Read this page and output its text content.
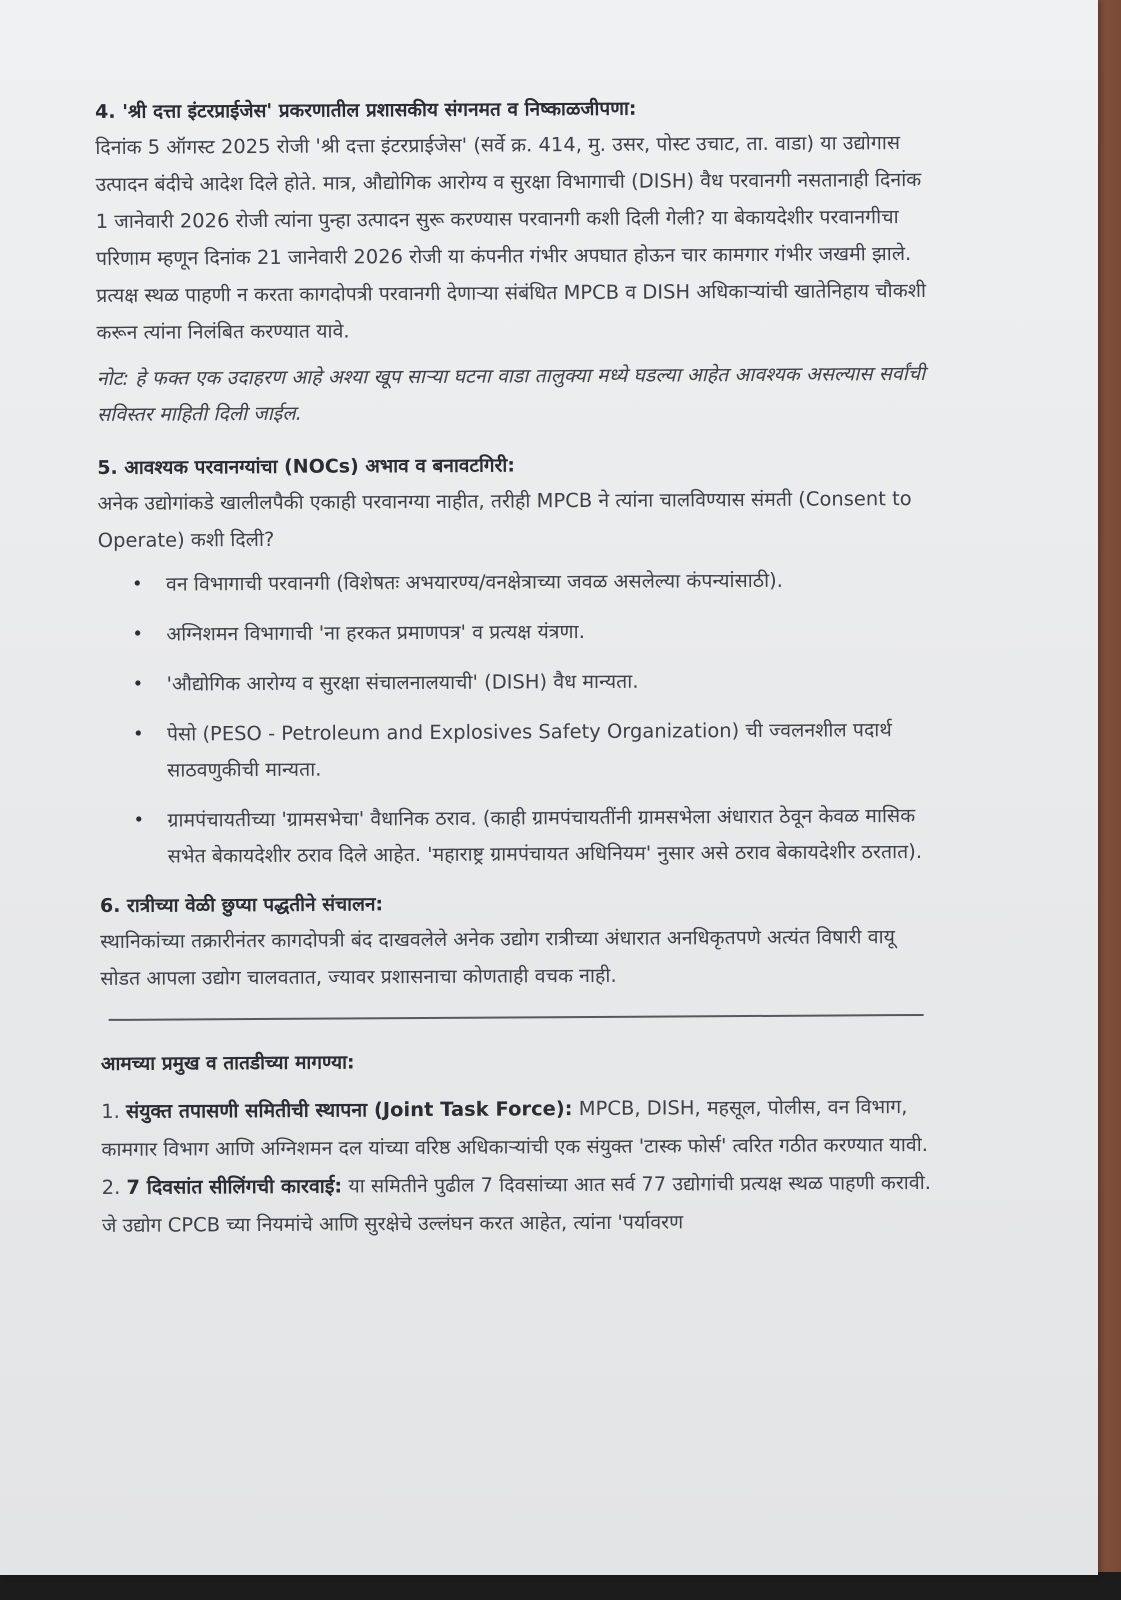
4. 'श्री दत्ता इंटरप्राईजेस' प्रकरणातील प्रशासकीय संगनमत व निष्काळजीपणा:

दिनांक 5 ऑगस्ट 2025 रोजी 'श्री दत्ता इंटरप्राईजेस' (सर्वे क्र. 414, मु. उसर, पोस्ट उचाट, ता. वाडा) या उद्योगास उत्पादन बंदीचे आदेश दिले होते. मात्र, औद्योगिक आरोग्य व सुरक्षा विभागाची (DISH) वैध परवानगी नसतानाही दिनांक 1 जानेवारी 2026 रोजी त्यांना पुन्हा उत्पादन सुरू करण्यास परवानगी कशी दिली गेली? या बेकायदेशीर परवानगीचा परिणाम म्हणून दिनांक 21 जानेवारी 2026 रोजी या कंपनीत गंभीर अपघात होऊन चार कामगार गंभीर जखमी झाले. प्रत्यक्ष स्थळ पाहणी न करता कागदोपत्री परवानगी देणाऱ्या संबंधित MPCB व DISH अधिकाऱ्यांची खातेनिहाय चौकशी करून त्यांना निलंबित करण्यात यावे.

नोट: हे फक्त एक उदाहरण आहे अश्या खूप साऱ्या घटना वाडा तालुक्या मध्ये घडल्या आहेत आवश्यक असल्यास सर्वांची सविस्तर माहिती दिली जाईल.

5. आवश्यक परवानग्यांचा (NOCs) अभाव व बनावटगिरी:

अनेक उद्योगांकडे खालीलपैकी एकाही परवानग्या नाहीत, तरीही MPCB ने त्यांना चालविण्यास संमती (Consent to Operate) कशी दिली?

• वन विभागाची परवानगी (विशेषतः अभयारण्य/वनक्षेत्राच्या जवळ असलेल्या कंपन्यांसाठी).
• अग्निशमन विभागाची 'ना हरकत प्रमाणपत्र' व प्रत्यक्ष यंत्रणा.
• 'औद्योगिक आरोग्य व सुरक्षा संचालनालयाची' (DISH) वैध मान्यता.
• पेसो (PESO - Petroleum and Explosives Safety Organization) ची ज्वलनशील पदार्थ साठवणुकीची मान्यता.
• ग्रामपंचायतीच्या 'ग्रामसभेचा' वैधानिक ठराव. (काही ग्रामपंचायतींनी ग्रामसभेला अंधारात ठेवून केवळ मासिक सभेत बेकायदेशीर ठराव दिले आहेत. 'महाराष्ट्र ग्रामपंचायत अधिनियम' नुसार असे ठराव बेकायदेशीर ठरतात).
6. रात्रीच्या वेळी छुप्या पद्धतीने संचालन:

स्थानिकांच्या तक्रारीनंतर कागदोपत्री बंद दाखवलेले अनेक उद्योग रात्रीच्या अंधारात अनधिकृतपणे अत्यंत विषारी वायू सोडत आपला उद्योग चालवतात, ज्यावर प्रशासनाचा कोणताही वचक नाही.

आमच्या प्रमुख व तातडीच्या मागण्या:

1. संयुक्त तपासणी समितीची स्थापना (Joint Task Force): MPCB, DISH, महसूल, पोलीस, वन विभाग, कामगार विभाग आणि अग्निशमन दल यांच्या वरिष्ठ अधिकाऱ्यांची एक संयुक्त 'टास्क फोर्स' त्वरित गठीत करण्यात यावी.

2. 7 दिवसांत सीलिंगची कारवाई: या समितीने पुढील 7 दिवसांच्या आत सर्व 77 उद्योगांची प्रत्यक्ष स्थळ पाहणी करावी. जे उद्योग CPCB च्या नियमांचे आणि सुरक्षेचे उल्लंघन करत आहेत, त्यांना 'पर्यावरण
